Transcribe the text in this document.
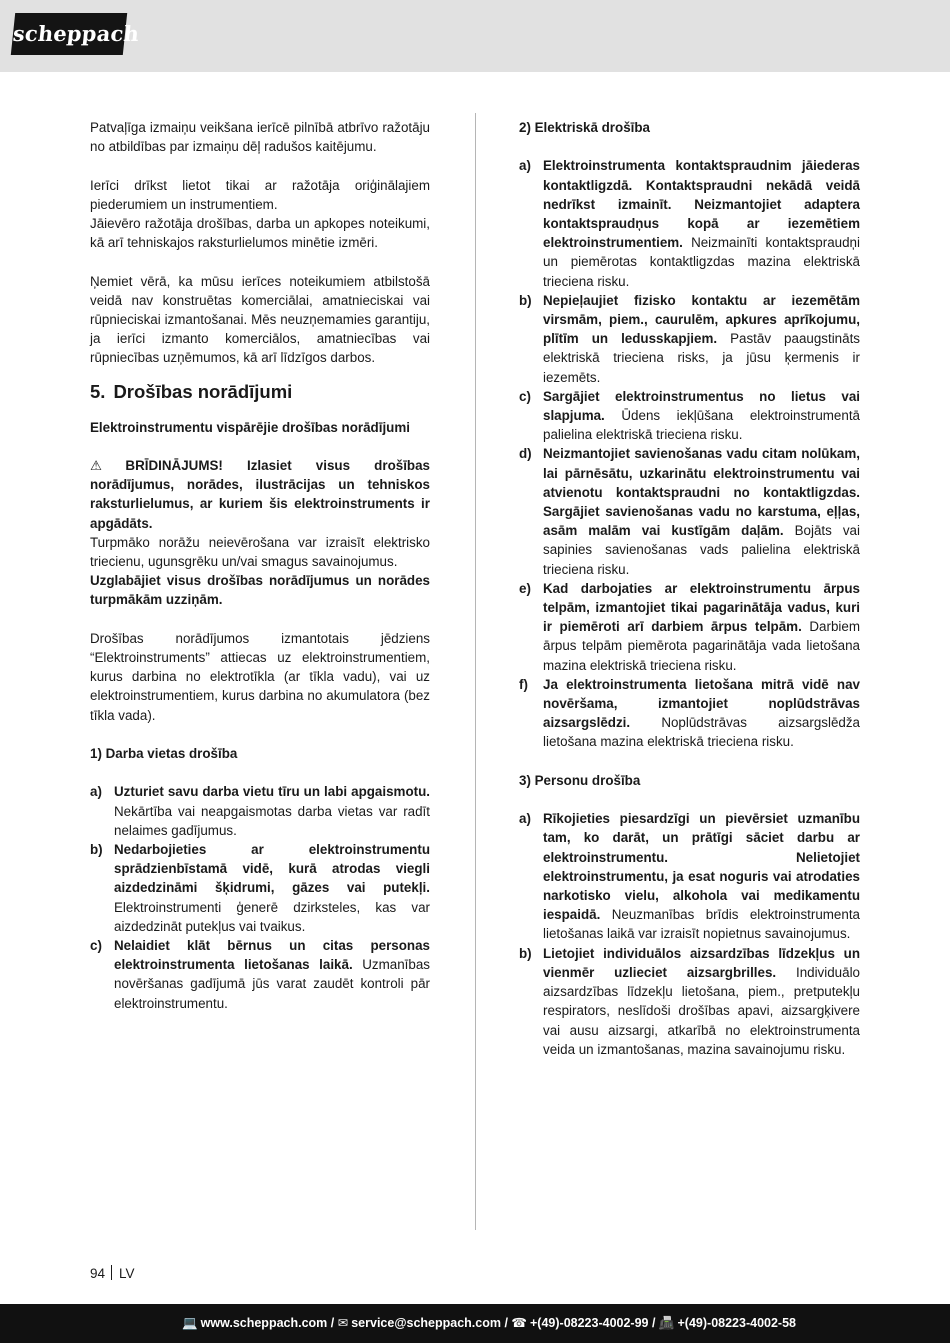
scheppach

Patvaļīga izmaiņu veikšana ierīcē pilnībā atbrīvo ražotāju no atbildības par izmaiņu dēļ radušos kaitējumu.

Ierīci drīkst lietot tikai ar ražotāja oriģinālajiem piederumiem un instrumentiem.

Jāievēro ražotāja drošības, darba un apkopes noteikumi, kā arī tehniskajos raksturlielumos minētie izmēri.

Ņemiet vērā, ka mūsu ierīces noteikumiem atbilstošā veidā nav konstruētas komerciālai, amatnieciskai vai rūpnieciskai izmantošanai. Mēs neuzņemamies garantiju, ja ierīci izmanto komerciālos, amatniecības vai rūpniecības uzņēmumos, kā arī līdzīgos darbos.

5. Drošības norādījumi

Elektroinstrumentu vispārējie drošības norādījumi

⚠ BRĪDINĀJUMS! Izlasiet visus drošības norādījumus, norādes, ilustrācijas un tehniskos raksturlielumus, ar kuriem šis elektroinstruments ir apgādāts.

Turpmāko norāžu neievērošana var izraisīt elektrisko triecienu, ugunsgrēku un/vai smagus savainojumus.

Uzglabājiet visus drošības norādījumus un norādes turpmākām uzziņām.

Drošības norādījumos izmantotais jēdziens “Elektroinstruments” attiecas uz elektroinstrumentiem, kurus darbina no elektrotīkla (ar tīkla vadu), vai uz elektroinstrumentiem, kurus darbina no akumulatora (bez tīkla vada).

1) Darba vietas drošība

a) Uzturiet savu darba vietu tīru un labi apgaismotu. Nekārtība vai neapgaismotas darba vietas var radīt nelaimes gadījumus.
b) Nedarbojieties ar elektroinstrumentu sprādzienbīstamā vidē, kurā atrodas viegli aizdedzināmi šķidrumi, gāzes vai putekļi. Elektroinstrumenti ģenerē dzirksteles, kas var aizdedzināt putekļus vai tvaikus.
c) Nelaidiet klāt bērnus un citas personas elektroinstrumenta lietošanas laikā. Uzmanības novēršanas gadījumā jūs varat zaudēt kontroli pār elektroinstrumentu.

2) Elektriskā drošība

a) Elektroinstrumenta kontaktspraudnim jāiederas kontaktligzdā. Kontaktspraudni nekādā veidā nedrīkst izmainīt. Neizmantojiet adaptera kontaktspraudņus kopā ar iezemētiem elektroinstrumentiem. Neizmainīti kontaktspraudņi un piemērotas kontaktligzdas mazina elektriskā trieciena risku.
b) Nepieļaujiet fizisko kontaktu ar iezemētām virsmām, piem., caurulēm, apkures aprīkojumu, plītīm un ledusskapjiem. Pastāv paaugstināts elektriskā trieciena risks, ja jūsu ķermenis ir iezemēts.
c) Sargājiet elektroinstrumentus no lietus vai slapjuma. Ūdens iekļūšana elektroinstrumentā palielina elektriskā trieciena risku.
d) Neizmantojiet savienošanas vadu citam nolūkam, lai pārnēsātu, uzkarinātu elektroinstrumentu vai atvienotu kontaktspraudni no kontaktligzdas. Sargājiet savienošanas vadu no karstuma, eļļas, asām malām vai kustīgām daļām. Bojāts vai sapinies savienošanas vads palielina elektriskā trieciena risku.
e) Kad darbojaties ar elektroinstrumentu ārpus telpām, izmantojiet tikai pagarinātāja vadus, kuri ir piemēroti arī darbiem ārpus telpām. Darbiem ārpus telpām piemērota pagarinātāja vada lietošana mazina elektriskā trieciena risku.
f) Ja elektroinstrumenta lietošana mitrā vidē nav novēršama, izmantojiet noplūdstrāvas aizsargslēdzi. Noplūdstrāvas aizsargslēdža lietošana mazina elektriskā trieciena risku.

3) Personu drošība

a) Rīkojieties piesardzīgi un pievērsiet uzmanību tam, ko darāt, un prātīgi sāciet darbu ar elektroinstrumentu. Nelietojiet elektroinstrumentu, ja esat noguris vai atrodaties narkotisko vielu, alkohola vai medikamentu iespaidā. Neuzmanības brīdis elektroinstrumenta lietošanas laikā var izraisīt nopietnus savainojumus.
b) Lietojiet individuālos aizsardzības līdzekļus un vienmēr uzlieciet aizsargbrilles. Individuālo aizsardzības līdzekļu lietošana, piem., pretputekļu respirators, neslīdoši drošības apavi, aizsargķivere vai ausu aizsargi, atkarībā no elektroinstrumenta veida un izmantošanas, mazina savainojumu risku.
94 LV
💻 www.scheppach.com / ✉ service@scheppach.com / ☎ +(49)-08223-4002-99 / 📠 +(49)-08223-4002-58
